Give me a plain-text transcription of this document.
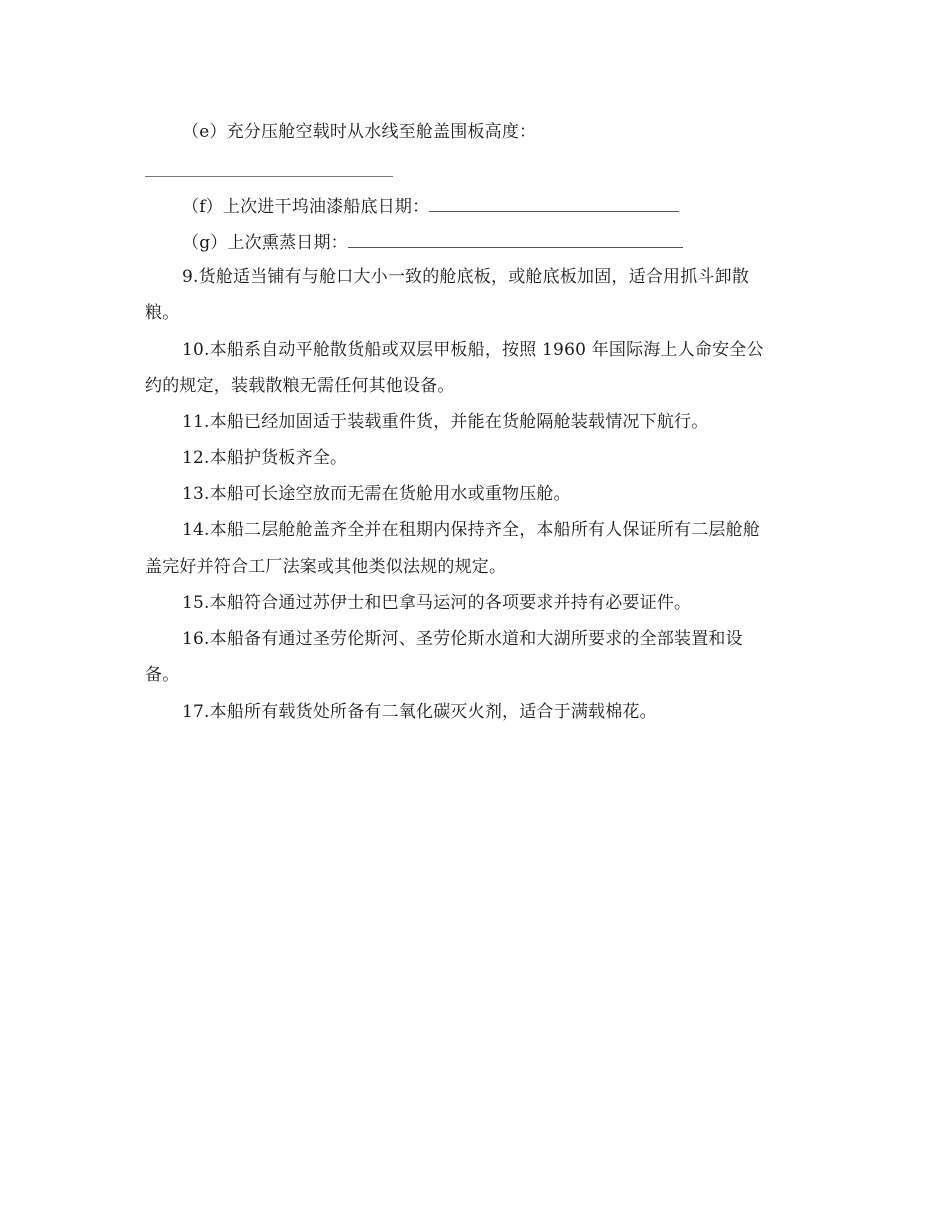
（e）充分压舱空载时从水线至舱盖围板高度：
（f）上次进干坞油漆船底日期：
（g）上次熏蒸日期：
9.货舱适当铺有与舱口大小一致的舱底板，或舱底板加固，适合用抓斗卸散
粮。
10.本船系自动平舱散货船或双层甲板船，按照 1960 年国际海上人命安全公
约的规定，装载散粮无需任何其他设备。
11.本船已经加固适于装载重件货，并能在货舱隔舱装载情况下航行。
12.本船护货板齐全。
13.本船可长途空放而无需在货舱用水或重物压舱。
14.本船二层舱舱盖齐全并在租期内保持齐全，本船所有人保证所有二层舱舱
盖完好并符合工厂法案或其他类似法规的规定。
15.本船符合通过苏伊士和巴拿马运河的各项要求并持有必要证件。
16.本船备有通过圣劳伦斯河、圣劳伦斯水道和大湖所要求的全部装置和设
备。
17.本船所有载货处所备有二氧化碳灭火剂，适合于满载棉花。
